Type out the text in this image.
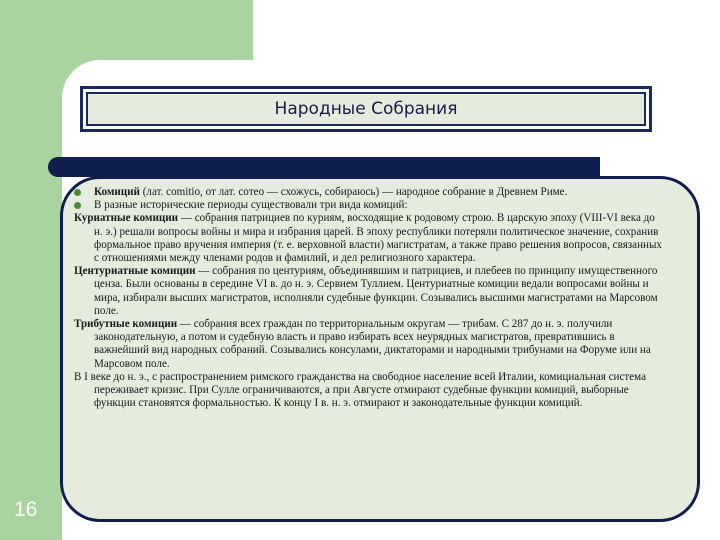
16
Народные Собрания

Комиций (лат. comitio, от лат. coтео — схожусь, собираюсь) — народное собрание в Древнем Риме.

В разные исторические периоды существовали три вида комиций:

Куриатные комиции — собрания патрициев по куриям, восходящие к родовому строю. В царскую эпоху (VIII-VI века до н. э.) решали вопросы войны и мира и избрания царей. В эпоху республики потеряли политическое значение, сохранив формальное право вручения империя (т. е. верховной власти) магистратам, а также право решения вопросов, связанных с отношениями между членами родов и фамилий, и дел религиозного характера.

Центуриатные комиции — собрания по центуриям, объединявшим и патрициев, и плебеев по принципу имущественного ценза. Были основаны в середине VI в. до н. э. Сервием Туллием. Центуриатные комиции ведали вопросами войны и мира, избирали высших магистратов, исполняли судебные функции. Созывались высшими магистратами на Марсовом поле.

Трибутные комиции — собрания всех граждан по территориальным округам — трибам. С 287 до н. э. получили законодательную, а потом и судебную власть и право избирать всех неурядных магистратов, превратившись в важнейший вид народных собраний. Созывались консулами, диктаторами и народными трибунами на Форуме или на Марсовом поле.

В I веке до н. э., с распространением римского гражданства на свободное население всей Италии, комициальная система переживает кризис. При Сулле ограничиваются, а при Августе отмирают судебные функции комиций, выборные функции становятся формальностью. К концу I в. н. э. отмирают и законодательные функции комиций.
